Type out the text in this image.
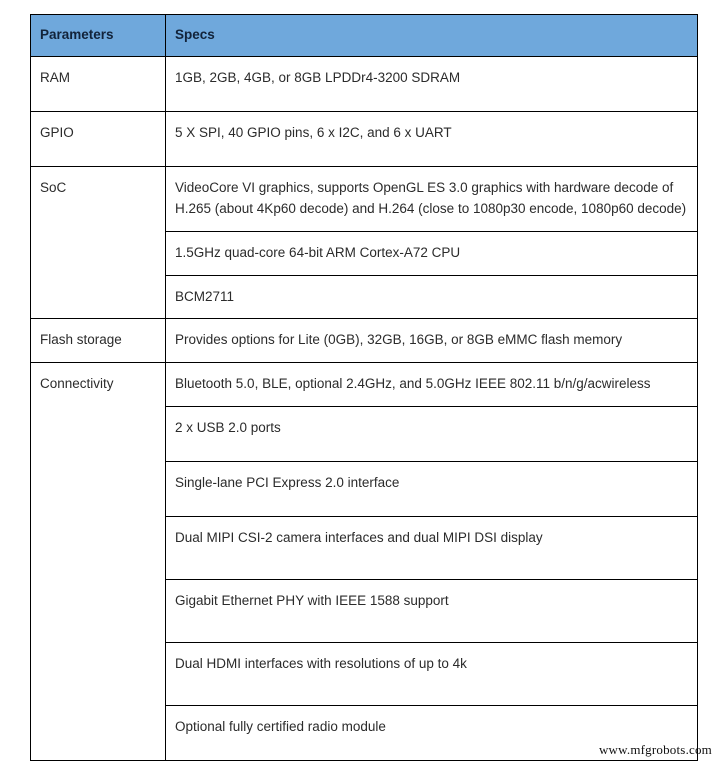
Parameters	Specs
RAM	1GB, 2GB, 4GB, or 8GB LPDDr4-3200 SDRAM
GPIO	5 X SPI, 40 GPIO pins, 6 x I2C, and 6 x UART
SoC	VideoCore VI graphics, supports OpenGL ES 3.0 graphics with hardware decode of H.265 (about 4Kp60 decode) and H.264 (close to 1080p30 encode, 1080p60 decode)
	1.5GHz quad-core 64-bit ARM Cortex-A72 CPU
	BCM2711
Flash storage	Provides options for Lite (0GB), 32GB, 16GB, or 8GB eMMC flash memory
Connectivity	Bluetooth 5.0, BLE, optional 2.4GHz, and 5.0GHz IEEE 802.11 b/n/g/acwireless
	2 x USB 2.0 ports
	Single-lane PCI Express 2.0 interface
	Dual MIPI CSI-2 camera interfaces and dual MIPI DSI display
	Gigabit Ethernet PHY with IEEE 1588 support
	Dual HDMI interfaces with resolutions of up to 4k
	Optional fully certified radio module
www.mfgrobots.com
